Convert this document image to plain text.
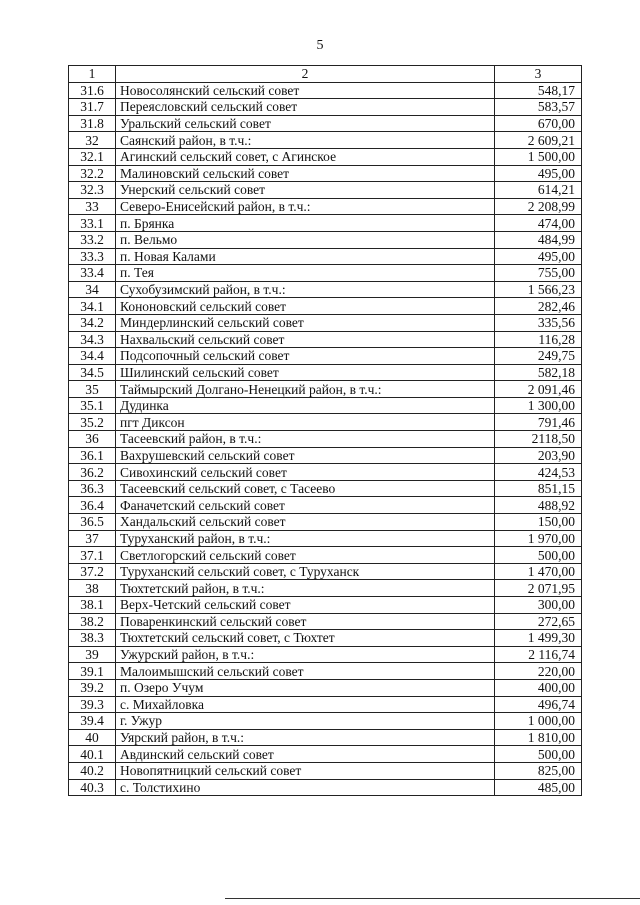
5
1	2	3
31.6	Новосолянский сельский совет	548,17
31.7	Переясловский сельский совет	583,57
31.8	Уральский сельский совет	670,00
32	Саянский район, в т.ч.:	2 609,21
32.1	Агинский сельский совет, с Агинское	1 500,00
32.2	Малиновский сельский совет	495,00
32.3	Унерский сельский совет	614,21
33	Северо-Енисейский район, в т.ч.:	2 208,99
33.1	п. Брянка	474,00
33.2	п. Вельмо	484,99
33.3	п. Новая Калами	495,00
33.4	п. Тея	755,00
34	Сухобузимский район, в т.ч.:	1 566,23
34.1	Кононовский сельский совет	282,46
34.2	Миндерлинский сельский совет	335,56
34.3	Нахвальский сельский совет	116,28
34.4	Подсопочный сельский совет	249,75
34.5	Шилинский сельский совет	582,18
35	Таймырский Долгано-Ненецкий район, в т.ч.:	2 091,46
35.1	Дудинка	1 300,00
35.2	пгт Диксон	791,46
36	Тасеевский район, в т.ч.:	2118,50
36.1	Вахрушевский сельский совет	203,90
36.2	Сивохинский сельский совет	424,53
36.3	Тасеевский сельский совет, с Тасеево	851,15
36.4	Фаначетский сельский совет	488,92
36.5	Хандальский сельский совет	150,00
37	Туруханский район, в т.ч.:	1 970,00
37.1	Светлогорский сельский совет	500,00
37.2	Туруханский сельский совет, с Туруханск	1 470,00
38	Тюхтетский район, в т.ч.:	2 071,95
38.1	Верх-Четский сельский совет	300,00
38.2	Поваренкинский сельский совет	272,65
38.3	Тюхтетский сельский совет, с Тюхтет	1 499,30
39	Ужурский район, в т.ч.:	2 116,74
39.1	Малоимышский сельский совет	220,00
39.2	п. Озеро Учум	400,00
39.3	с. Михайловка	496,74
39.4	г. Ужур	1 000,00
40	Уярский район, в т.ч.:	1 810,00
40.1	Авдинский сельский совет	500,00
40.2	Новопятницкий сельский совет	825,00
40.3	с. Толстихино	485,00
